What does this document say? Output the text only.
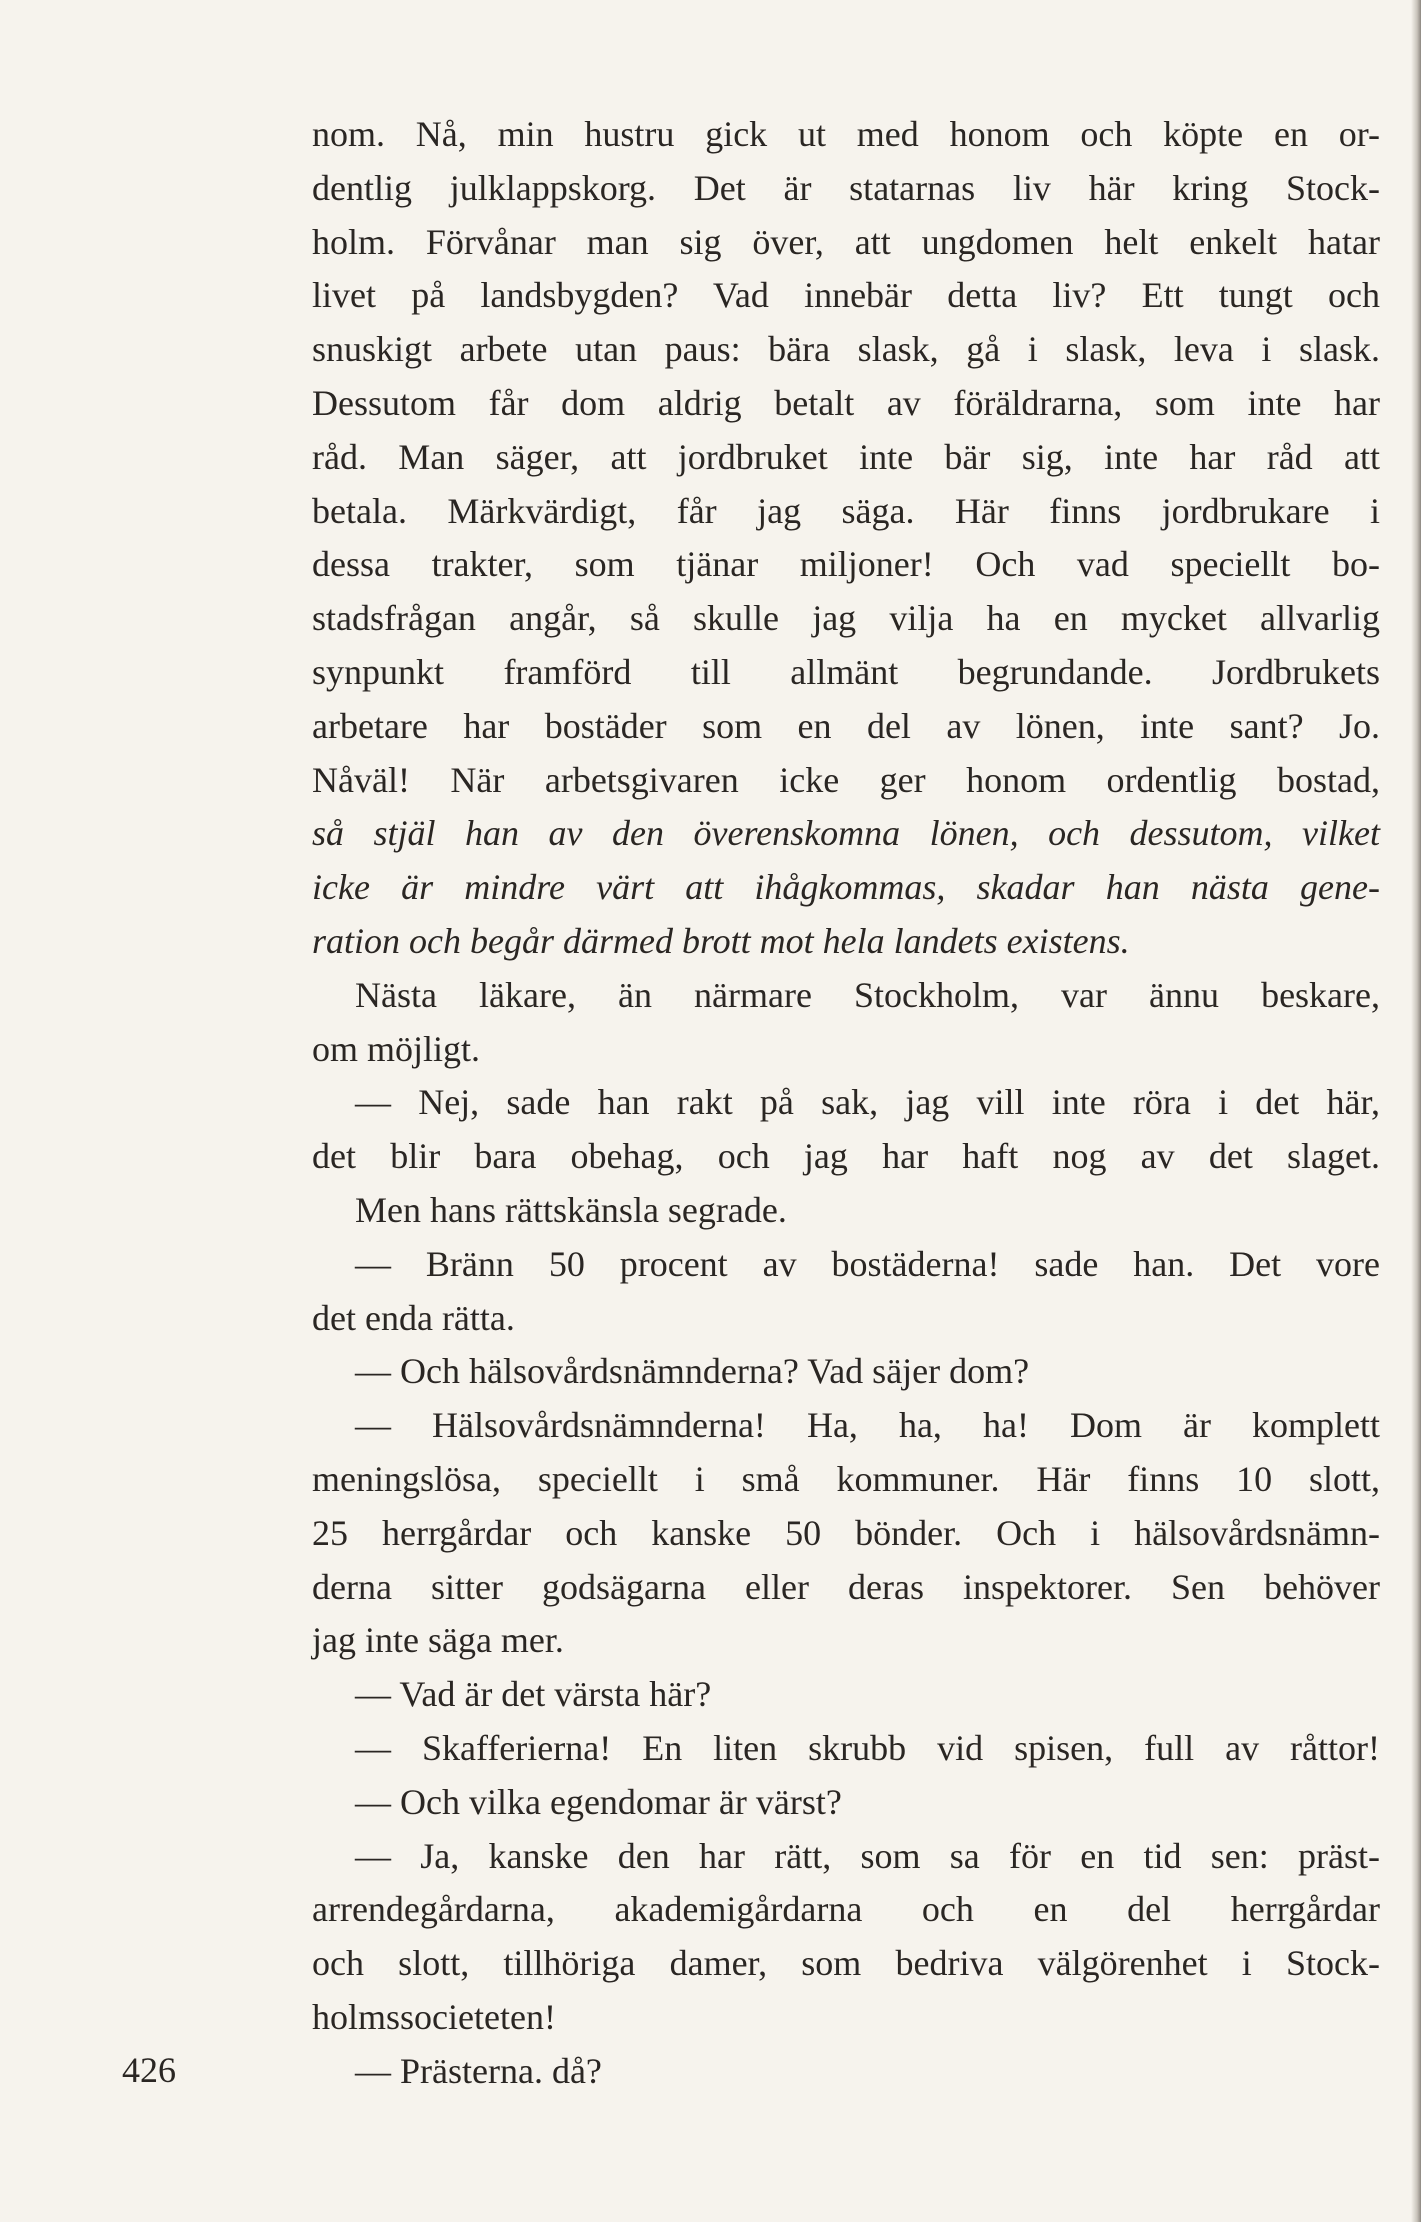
nom. Nå, min hustru gick ut med honom och köpte en or-
dentlig julklappskorg. Det är statarnas liv här kring Stock-
holm. Förvånar man sig över, att ungdomen helt enkelt hatar
livet på landsbygden? Vad innebär detta liv? Ett tungt och
snuskigt arbete utan paus: bära slask, gå i slask, leva i slask.
Dessutom får dom aldrig betalt av föräldrarna, som inte har
råd. Man säger, att jordbruket inte bär sig, inte har råd att
betala. Märkvärdigt, får jag säga. Här finns jordbrukare i
dessa trakter, som tjänar miljoner! Och vad speciellt bo-
stadsfrågan angår, så skulle jag vilja ha en mycket allvarlig
synpunkt framförd till allmänt begrundande. Jordbrukets
arbetare har bostäder som en del av lönen, inte sant? Jo.
Nåväl! När arbetsgivaren icke ger honom ordentlig bostad,
så stjäl han av den överenskomna lönen, och dessutom, vilket
icke är mindre värt att ihågkommas, skadar han nästa gene-
ration och begår därmed brott mot hela landets existens.
Nästa läkare, än närmare Stockholm, var ännu beskare,
om möjligt.
— Nej, sade han rakt på sak, jag vill inte röra i det här,
det blir bara obehag, och jag har haft nog av det slaget.
Men hans rättskänsla segrade.
— Bränn 50 procent av bostäderna! sade han. Det vore
det enda rätta.
— Och hälsovårdsnämnderna? Vad säjer dom?
— Hälsovårdsnämnderna! Ha, ha, ha! Dom är komplett
meningslösa, speciellt i små kommuner. Här finns 10 slott,
25 herrgårdar och kanske 50 bönder. Och i hälsovårdsnämn-
derna sitter godsägarna eller deras inspektorer. Sen behöver
jag inte säga mer.
— Vad är det värsta här?
— Skafferierna! En liten skrubb vid spisen, full av råttor!
— Och vilka egendomar är värst?
— Ja, kanske den har rätt, som sa för en tid sen: präst-
arrendegårdarna, akademigårdarna och en del herrgårdar
och slott, tillhöriga damer, som bedriva välgörenhet i Stock-
holmssocieteten!
— Prästerna. då?
426
